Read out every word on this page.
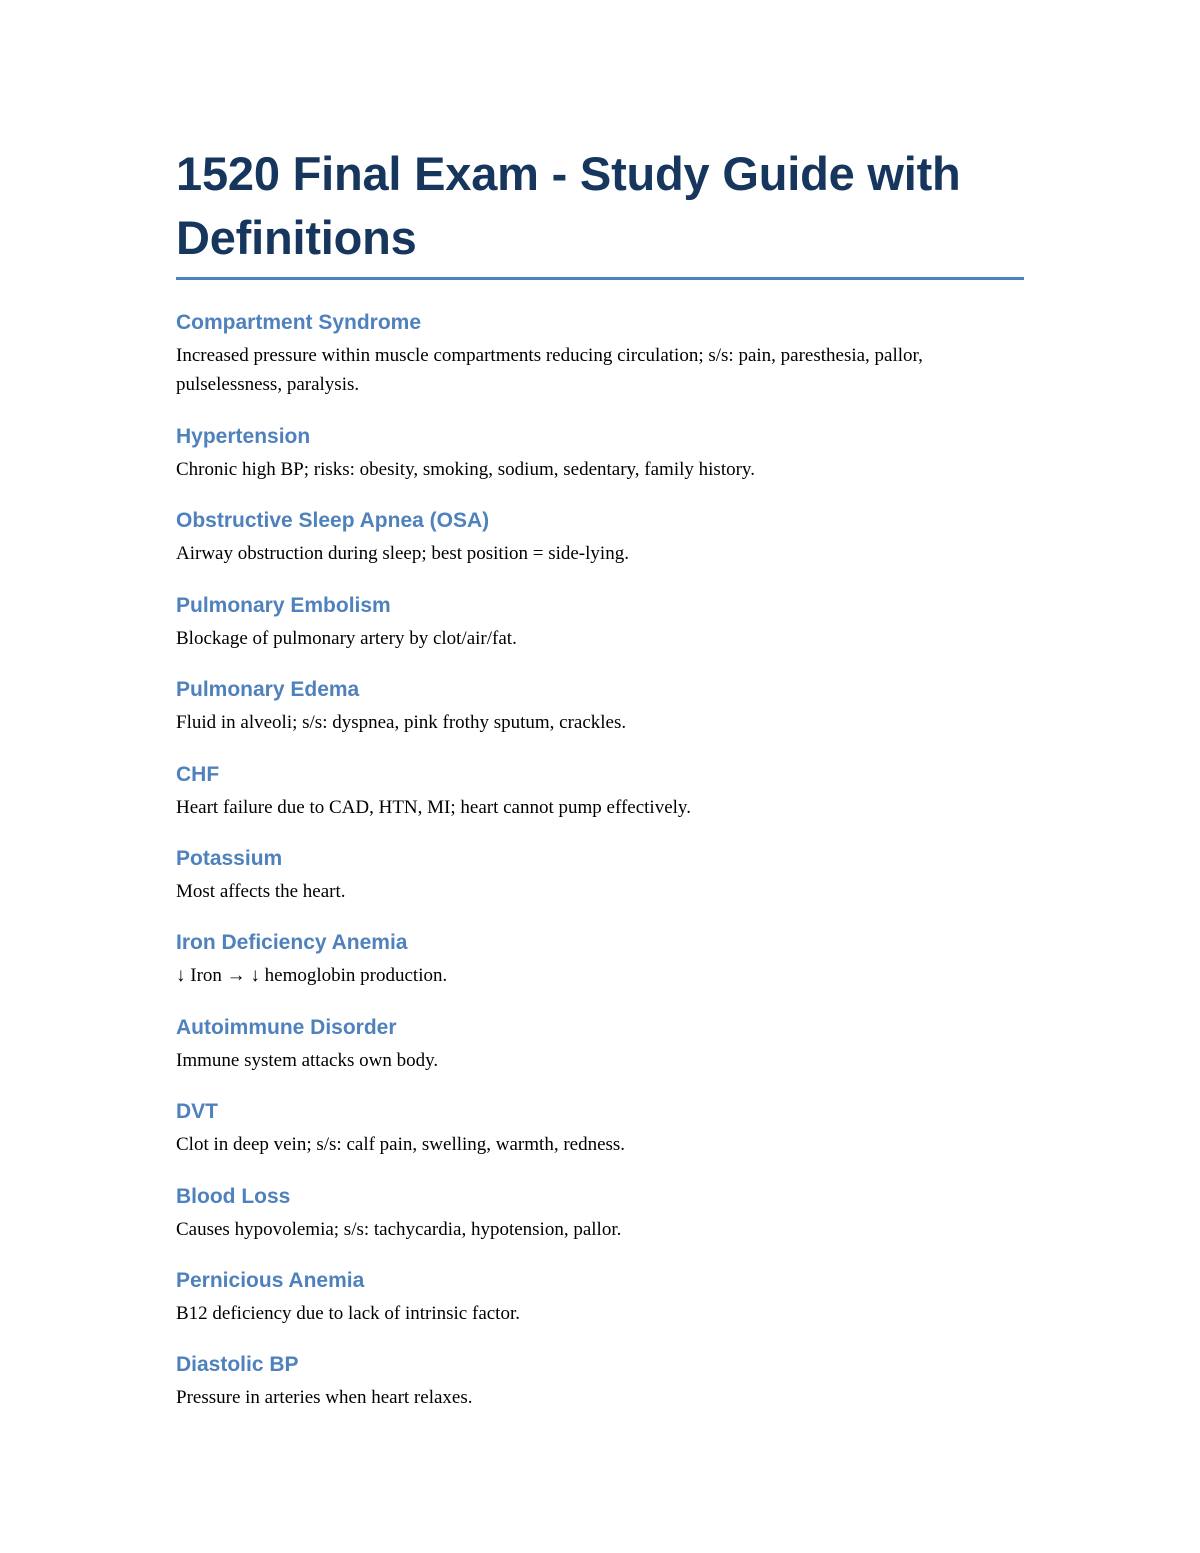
1520 Final Exam - Study Guide with Definitions
Compartment Syndrome

Increased pressure within muscle compartments reducing circulation; s/s: pain, paresthesia, pallor, pulselessness, paralysis.

Hypertension

Chronic high BP; risks: obesity, smoking, sodium, sedentary, family history.

Obstructive Sleep Apnea (OSA)

Airway obstruction during sleep; best position = side-lying.

Pulmonary Embolism

Blockage of pulmonary artery by clot/air/fat.

Pulmonary Edema

Fluid in alveoli; s/s: dyspnea, pink frothy sputum, crackles.

CHF

Heart failure due to CAD, HTN, MI; heart cannot pump effectively.

Potassium

Most affects the heart.

Iron Deficiency Anemia

↓ Iron → ↓ hemoglobin production.

Autoimmune Disorder

Immune system attacks own body.

DVT

Clot in deep vein; s/s: calf pain, swelling, warmth, redness.

Blood Loss

Causes hypovolemia; s/s: tachycardia, hypotension, pallor.

Pernicious Anemia

B12 deficiency due to lack of intrinsic factor.

Diastolic BP

Pressure in arteries when heart relaxes.
